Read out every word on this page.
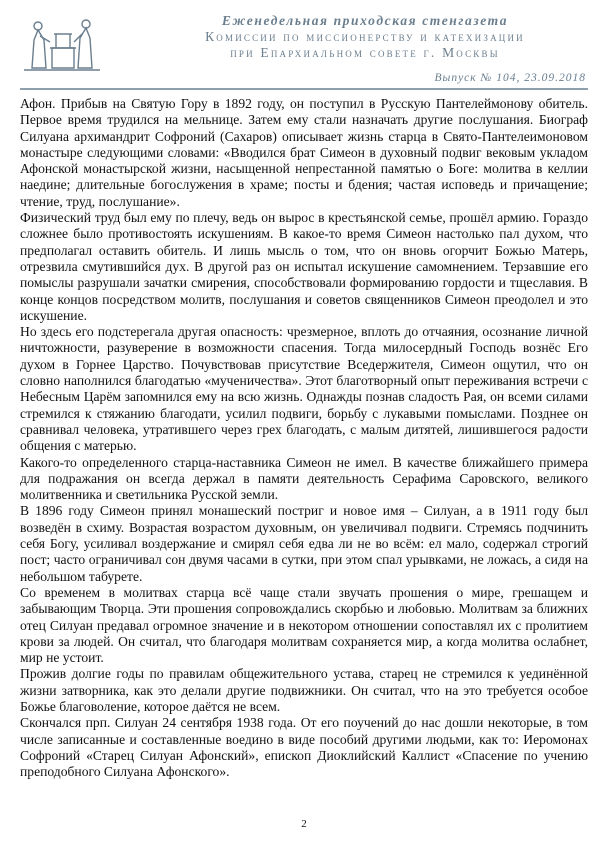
Еженедельная приходская стенгазета
Комиссии по миссионерству и катехизации
при Епархиальном совете г. Москвы
Выпуск № 104, 23.09.2018

Афон. Прибыв на Святую Гору в 1892 году, он поступил в Русскую Пантелеймонову обитель. Первое время трудился на мельнице. Затем ему стали назначать другие послушания. Биограф Силуана архимандрит Софроний (Сахаров) описывает жизнь старца в Свято-Пантелеимоновом монастыре следующими словами: «Вводился брат Симеон в духовный подвиг вековым укладом Афонской монастырской жизни, насыщенной непрестанной памятью о Боге: молитва в келлии наедине; длительные богослужения в храме; посты и бдения; частая исповедь и причащение; чтение, труд, послушание».

Физический труд был ему по плечу, ведь он вырос в крестьянской семье, прошёл армию. Гораздо сложнее было противостоять искушениям. В какое-то время Симеон настолько пал духом, что предполагал оставить обитель. И лишь мысль о том, что он вновь огорчит Божью Матерь, отрезвила смутившийся дух. В другой раз он испытал искушение самомнением. Терзавшие его помыслы разрушали зачатки смирения, способствовали формированию гордости и тщеславия. В конце концов посредством молитв, послушания и советов священников Симеон преодолел и это искушение.

Но здесь его подстерегала другая опасность: чрезмерное, вплоть до отчаяния, осознание личной ничтожности, разуверение в возможности спасения. Тогда милосердный Господь вознёс Его духом в Горнее Царство. Почувствовав присутствие Вседержителя, Симеон ощутил, что он словно наполнился благодатью «мученичества». Этот благотворный опыт переживания встречи с Небесным Царём запомнился ему на всю жизнь. Однажды познав сладость Рая, он всеми силами стремился к стяжанию благодати, усилил подвиги, борьбу с лукавыми помыслами. Позднее он сравнивал человека, утратившего через грех благодать, с малым дитятей, лишившегося радости общения с матерью.

Какого-то определенного старца-наставника Симеон не имел. В качестве ближайшего примера для подражания он всегда держал в памяти деятельность Серафима Саровского, великого молитвенника и светильника Русской земли.

В 1896 году Симеон принял монашеский постриг и новое имя – Силуан, а в 1911 году был возведён в схиму. Возрастая возрастом духовным, он увеличивал подвиги. Стремясь подчинить себя Богу, усиливал воздержание и смирял себя едва ли не во всём: ел мало, содержал строгий пост; часто ограничивал сон двумя часами в сутки, при этом спал урывками, не ложась, а сидя на небольшом табурете.

Со временем в молитвах старца всё чаще стали звучать прошения о мире, грешащем и забывающим Творца. Эти прошения сопровождались скорбью и любовью. Молитвам за ближних отец Силуан предавал огромное значение и в некотором отношении сопоставлял их с пролитием крови за людей. Он считал, что благодаря молитвам сохраняется мир, а когда молитва ослабнет, мир не устоит.

Прожив долгие годы по правилам общежительного устава, старец не стремился к уединённой жизни затворника, как это делали другие подвижники. Он считал, что на это требуется особое Божье благоволение, которое даётся не всем.

Скончался прп. Силуан 24 сентября 1938 года. От его поучений до нас дошли некоторые, в том числе записанные и составленные воедино в виде пособий другими людьми, как то: Иеромонах Софроний «Старец Силуан Афонский», епископ Диоклийский Каллист «Спасение по учению преподобного Силуана Афонского».

2
